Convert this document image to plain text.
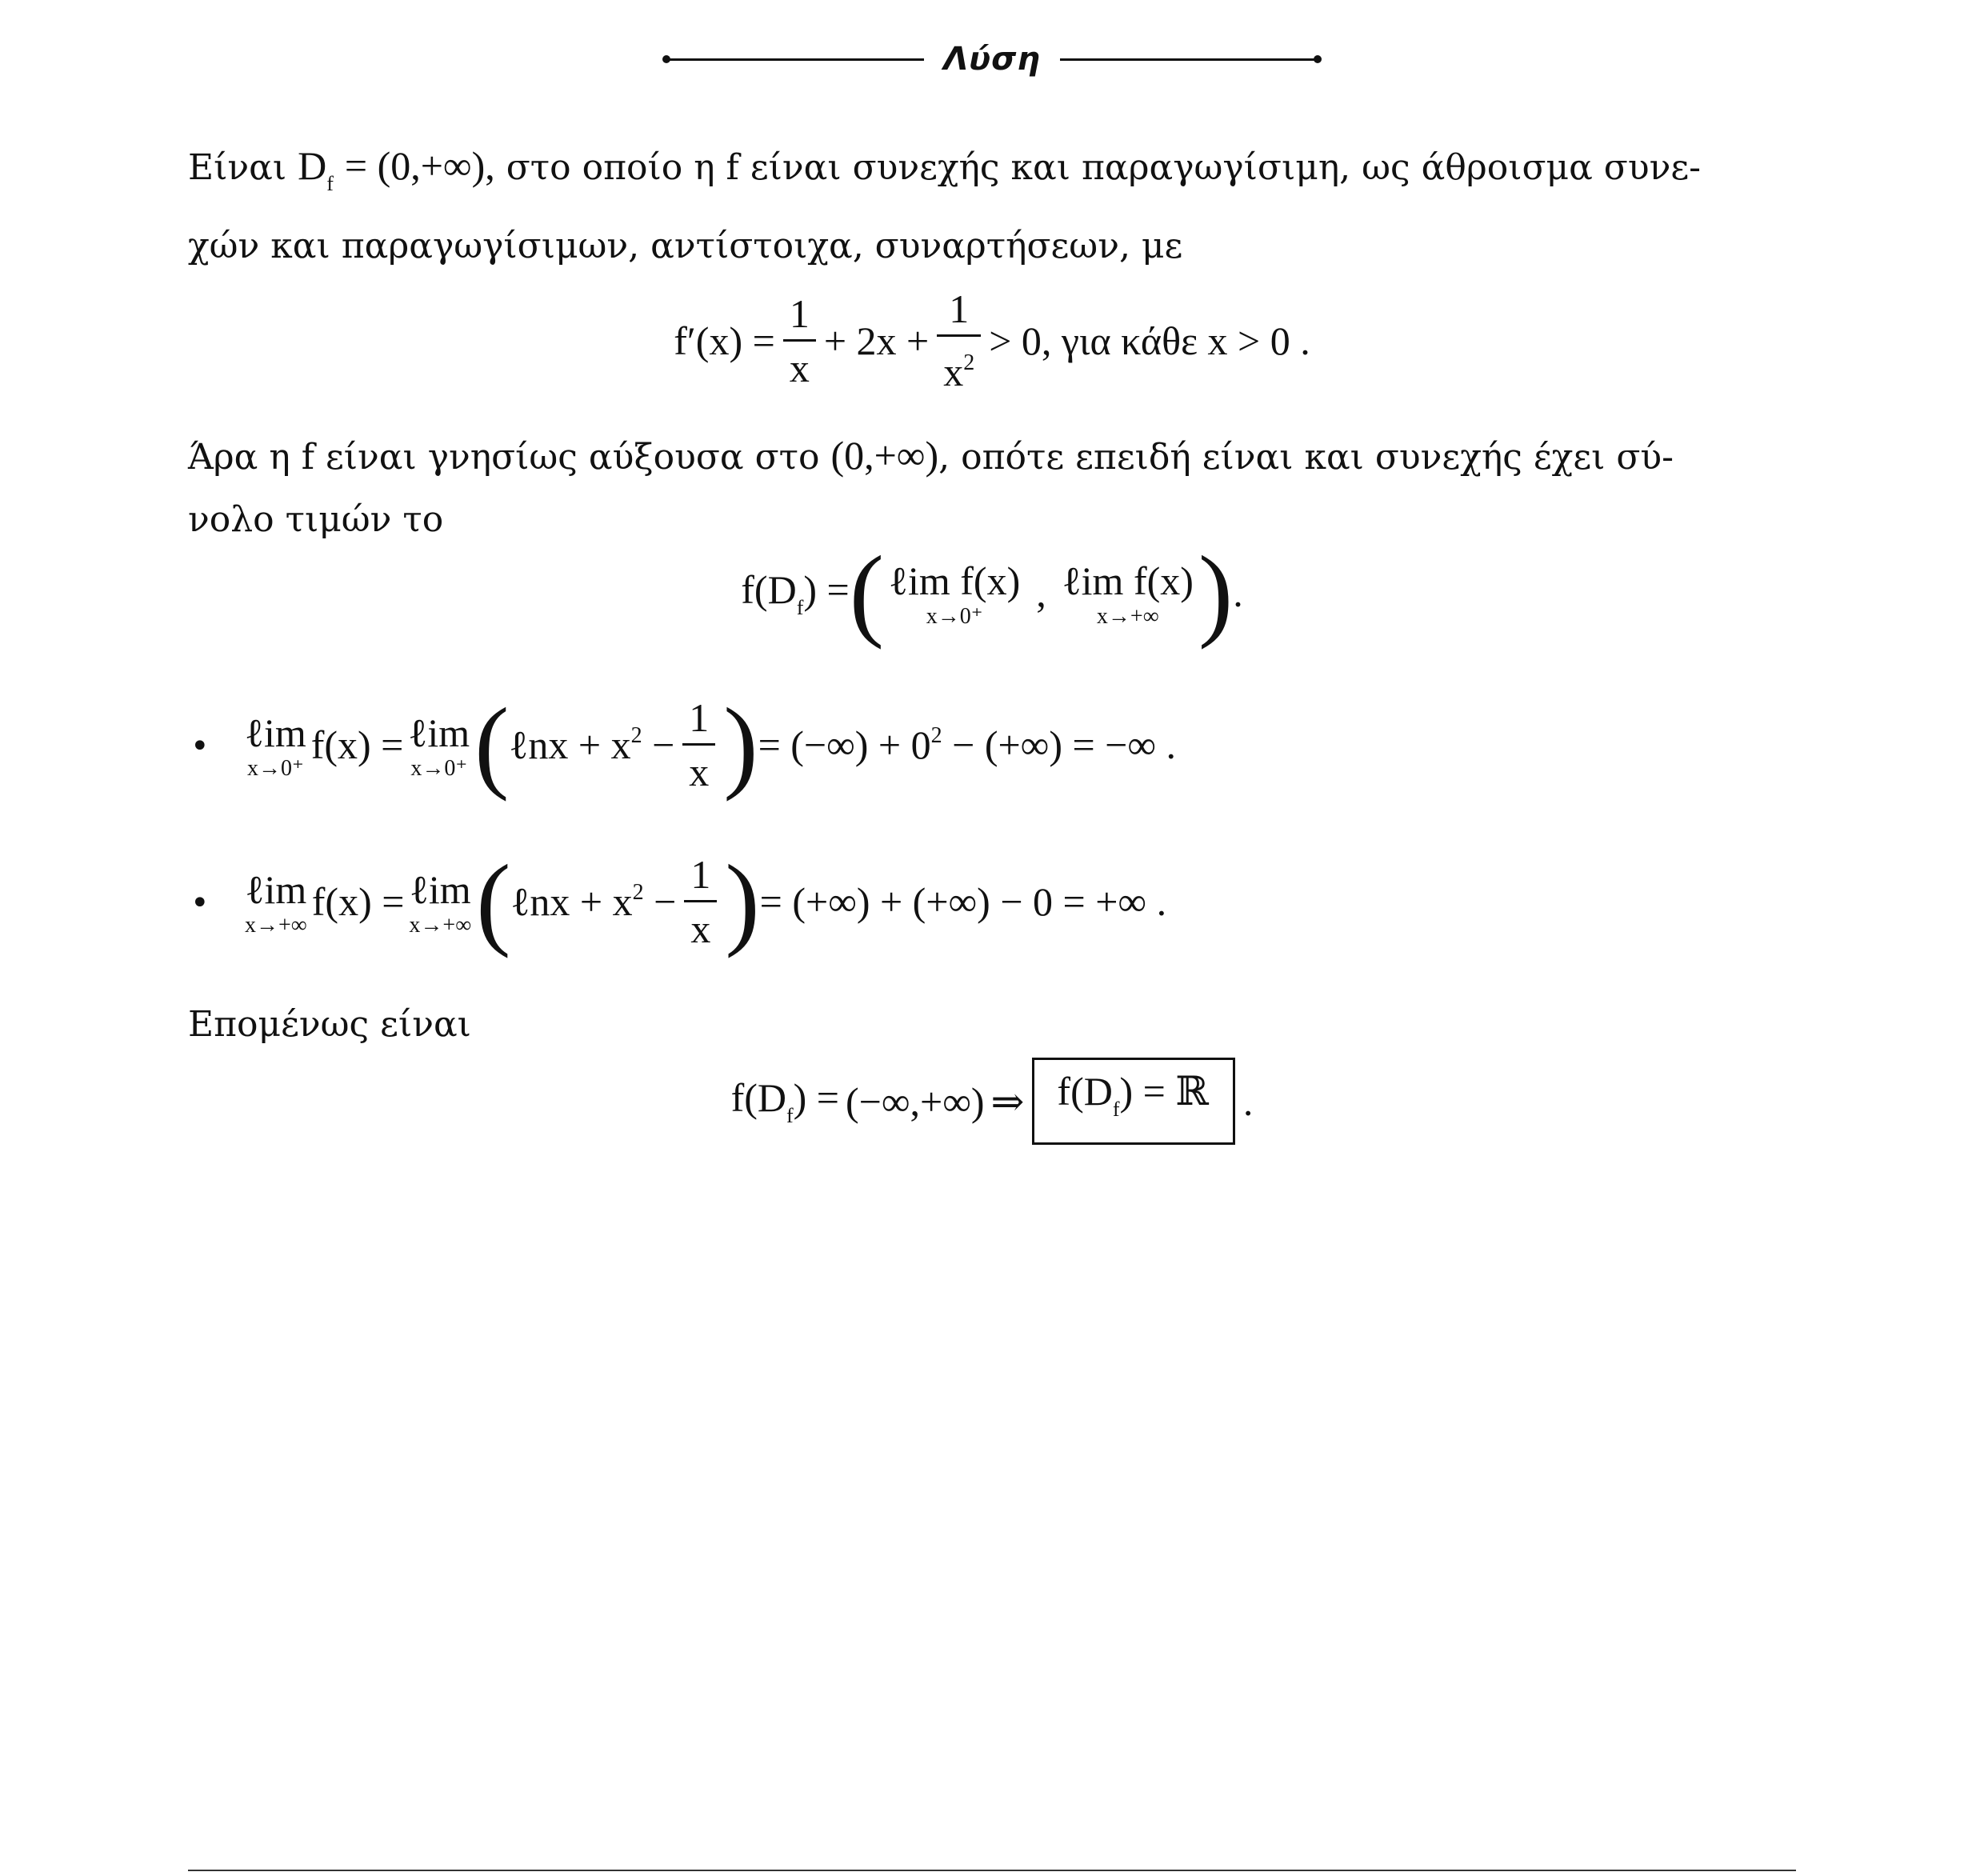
Λύση
Είναι $D_f = (0,+\infty)$, στο οποίο η f είναι συνεχής και παραγωγίσιμη, ως άθροισμα συνε-
χών και παραγωγίσιμων, αντίστοιχα, συναρτήσεων, με
$f'(x) = \frac{1}{x} + 2x + \frac{1}{x^2} > 0$, για κάθε x > 0 .
Άρα η f είναι γνησίως αύξουσα στο (0,+∞), οπότε επειδή είναι και συνεχής έχει σύ-
νολο τιμών το
$f(D_f)$ = ( ℓim f(x)
x→0⁺
, ℓim f(x)
x→+∞ ) .
• ℓim
x→0⁺
f(x) = ℓim
x→0⁺ ( ℓnx + $x^2 - \frac{1}{x}$ ) = (−∞) + $0^2$ − (+∞) = −∞ .
• ℓim
x→+∞
f(x) = ℓim
x→+∞ ( ℓnx + $x^2 - \frac{1}{x}$ ) = (+∞) + (+∞) − 0 = +∞ .
Επομένως είναι
$f(D_f)$ = (−∞,+∞) ⇒ $f(D_f)$ = ℝ .
